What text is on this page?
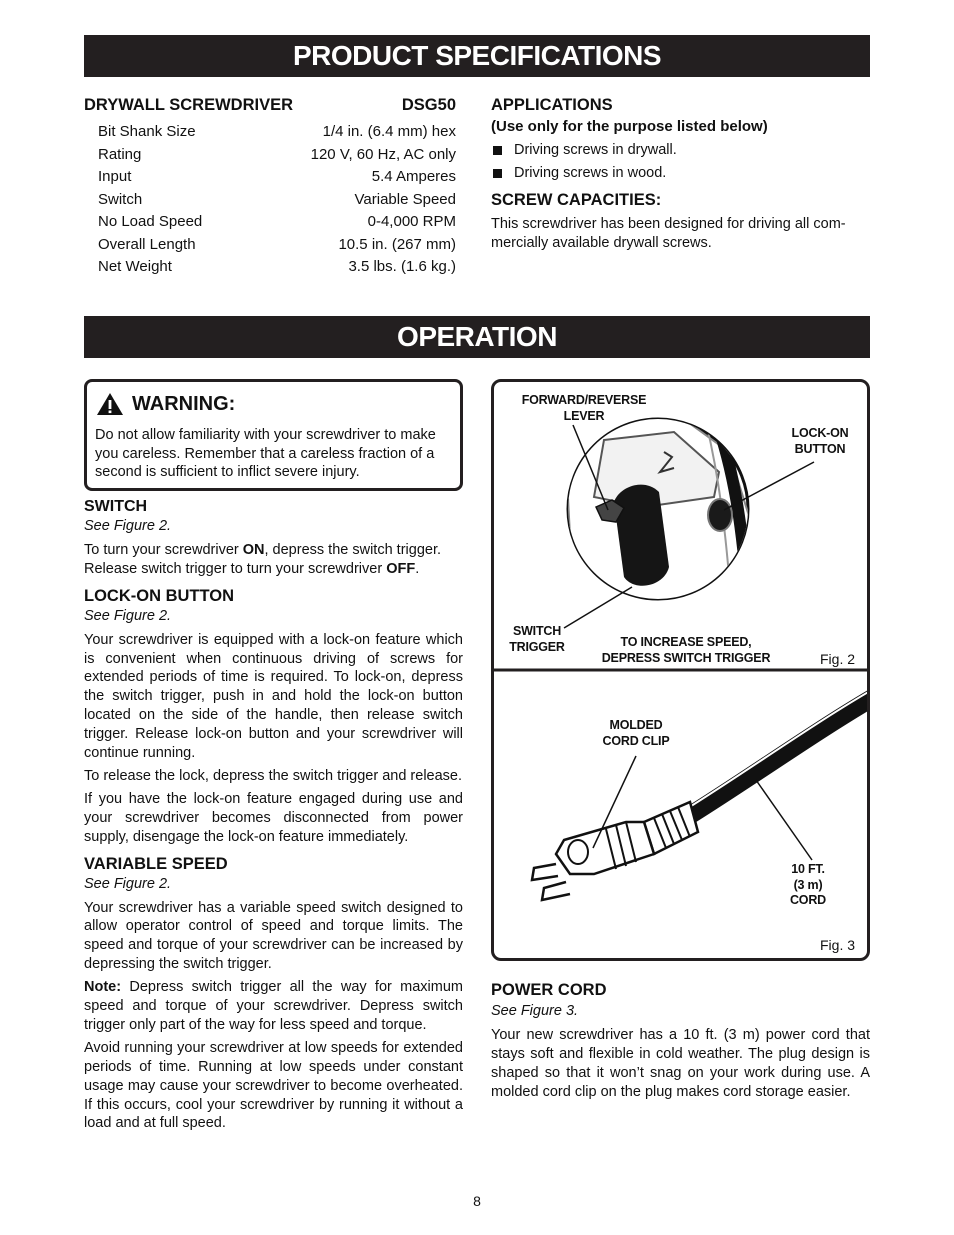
PRODUCT SPECIFICATIONS
DRYWALL SCREWDRIVER	DSG50
Bit Shank Size	1/4 in. (6.4 mm) hex
Rating	120 V, 60 Hz, AC only
Input	5.4 Amperes
Switch	Variable Speed
No Load Speed	0-4,000 RPM
Overall Length	10.5 in. (267 mm)
Net Weight	3.5 lbs. (1.6 kg.)
APPLICATIONS
(Use only for the purpose listed below)
Driving screws in drywall.
Driving screws in wood.
SCREW CAPACITIES:
This screwdriver has been designed for driving all com-mercially available drywall screws.
OPERATION
WARNING:
Do not allow familiarity with your screwdriver to make you careless. Remember that a careless fraction of a second is sufficient to inflict severe injury.
SWITCH
See Figure 2.

To turn your screwdriver ON, depress the switch trigger. Release switch trigger to turn your screwdriver OFF.

LOCK-ON BUTTON
See Figure 2.

Your screwdriver is equipped with a lock-on feature which is convenient when continuous driving of screws for extended periods of time is required. To lock-on, depress the switch trigger, push in and hold the lock-on button located on the side of the handle, then release switch trigger. Release lock-on button and your screwdriver will continue running.

To release the lock, depress the switch trigger and release.

If you have the lock-on feature engaged during use and your screwdriver becomes disconnected from power supply, disengage the lock-on feature immediately.

VARIABLE SPEED
See Figure 2.

Your screwdriver has a variable speed switch designed to allow operator control of speed and torque limits. The speed and torque of your screwdriver can be increased by depressing the switch trigger.

Note: Depress switch trigger all the way for maximum speed and torque of your screwdriver. Depress switch trigger only part of the way for less speed and torque.

Avoid running your screwdriver at low speeds for extended periods of time. Running at low speeds under constant usage may cause your screwdriver to become overheated. If this occurs, cool your screwdriver by running it without a load and at full speed.

FORWARD/REVERSE
LEVER
LOCK-ON
BUTTON
SWITCH
TRIGGER	TO INCREASE SPEED,
DEPRESS SWITCH TRIGGER	Fig. 2
MOLDED
CORD CLIP
10 FT.
(3 m)
CORD
Fig. 3
POWER CORD
See Figure 3.

Your new screwdriver has a 10 ft. (3 m) power cord that stays soft and flexible in cold weather. The plug design is shaped so that it won’t snag on your work during use. A molded cord clip on the plug makes cord storage easier.

8
